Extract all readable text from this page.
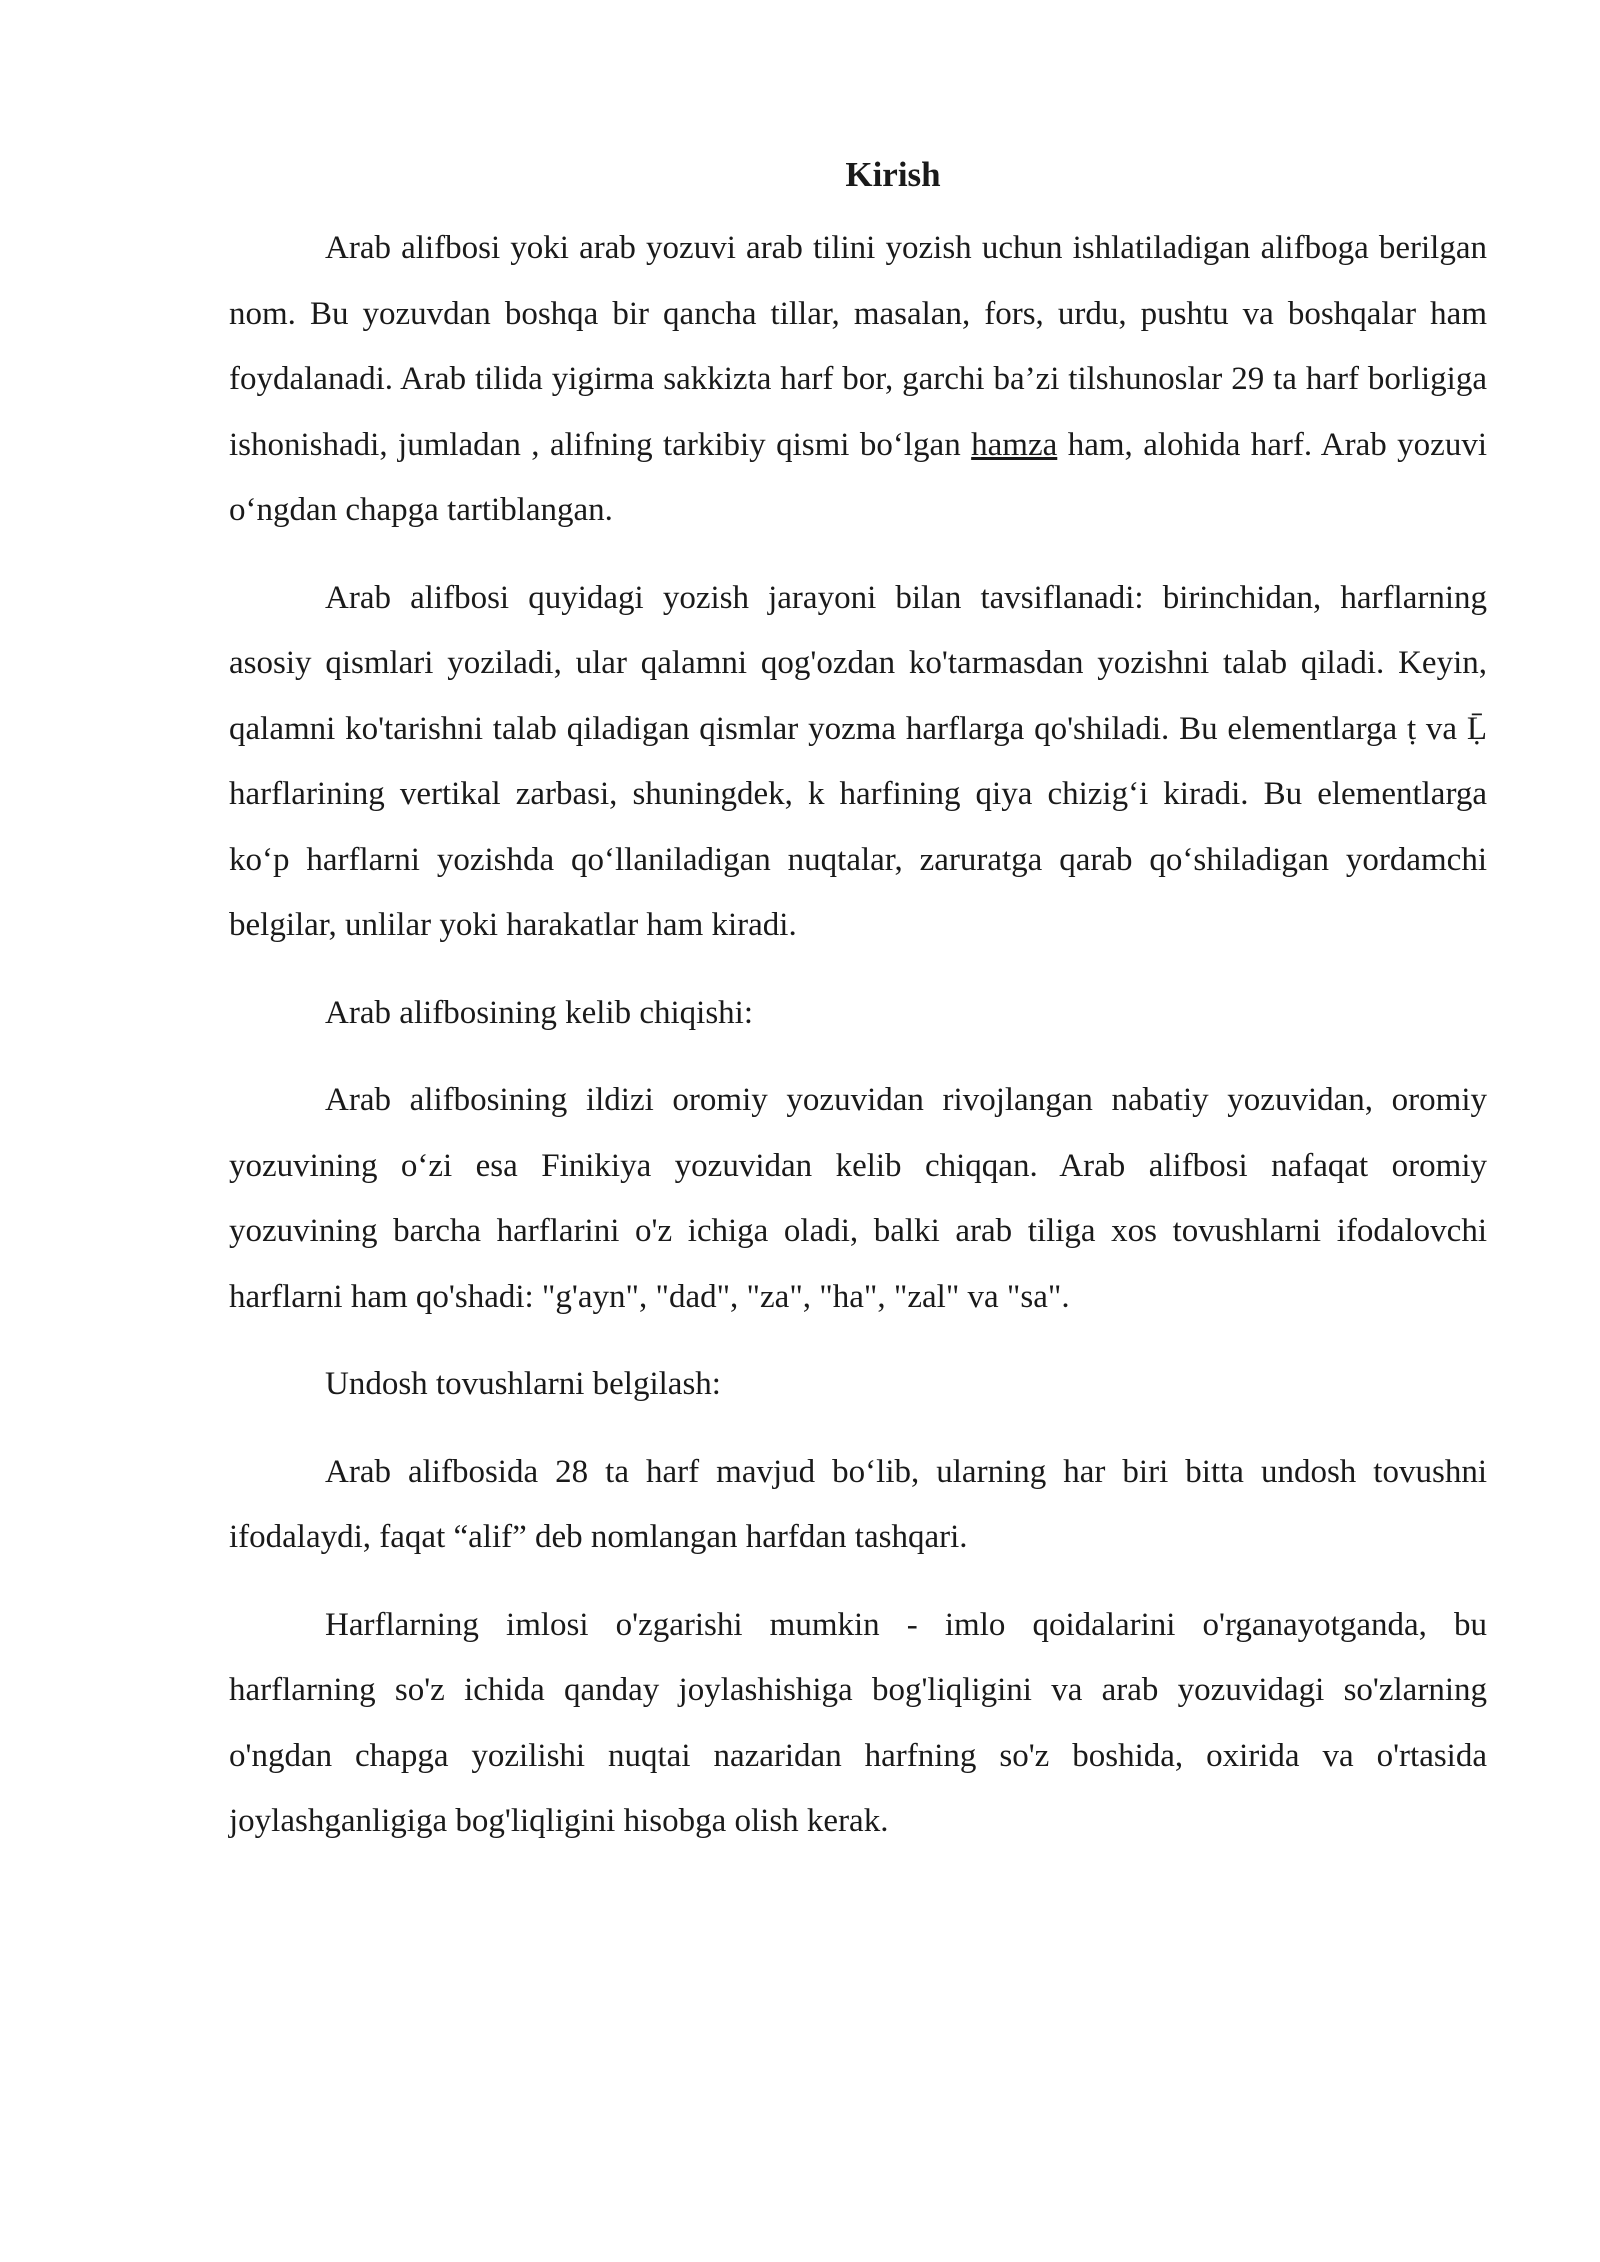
Kirish

Arab alifbosi yoki arab yozuvi arab tilini yozish uchun ishlatiladigan alifboga berilgan nom. Bu yozuvdan boshqa bir qancha tillar, masalan, fors, urdu, pushtu va boshqalar ham foydalanadi. Arab tilida yigirma sakkizta harf bor, garchi ba’zi tilshunoslar 29 ta harf borligiga ishonishadi, jumladan , alifning tarkibiy qismi bo‘lgan hamza ham, alohida harf. Arab yozuvi o‘ngdan chapga tartiblangan.

Arab alifbosi quyidagi yozish jarayoni bilan tavsiflanadi: birinchidan, harflarning asosiy qismlari yoziladi, ular qalamni qog'ozdan ko'tarmasdan yozishni talab qiladi. Keyin, qalamni ko'tarishni talab qiladigan qismlar yozma harflarga qo'shiladi. Bu elementlarga ṭ va Ḹ harflarining vertikal zarbasi, shuningdek, k harfining qiya chizig‘i kiradi. Bu elementlarga ko‘p harflarni yozishda qo‘llaniladigan nuqtalar, zaruratga qarab qo‘shiladigan yordamchi belgilar, unlilar yoki harakatlar ham kiradi.

Arab alifbosining kelib chiqishi:

Arab alifbosining ildizi oromiy yozuvidan rivojlangan nabatiy yozuvidan, oromiy yozuvining o‘zi esa Finikiya yozuvidan kelib chiqqan. Arab alifbosi nafaqat oromiy yozuvining barcha harflarini o'z ichiga oladi, balki arab tiliga xos tovushlarni ifodalovchi harflarni ham qo'shadi: "g'ayn", "dad", "za", "ha", "zal" va "sa".

Undosh tovushlarni belgilash:

Arab alifbosida 28 ta harf mavjud bo‘lib, ularning har biri bitta undosh tovushni ifodalaydi, faqat “alif” deb nomlangan harfdan tashqari.

Harflarning imlosi o'zgarishi mumkin - imlo qoidalarini o'rganayotganda, bu harflarning so'z ichida qanday joylashishiga bog'liqligini va arab yozuvidagi so'zlarning o'ngdan chapga yozilishi nuqtai nazaridan harfning so'z boshida, oxirida va o'rtasida joylashganligiga bog'liqligini hisobga olish kerak.
